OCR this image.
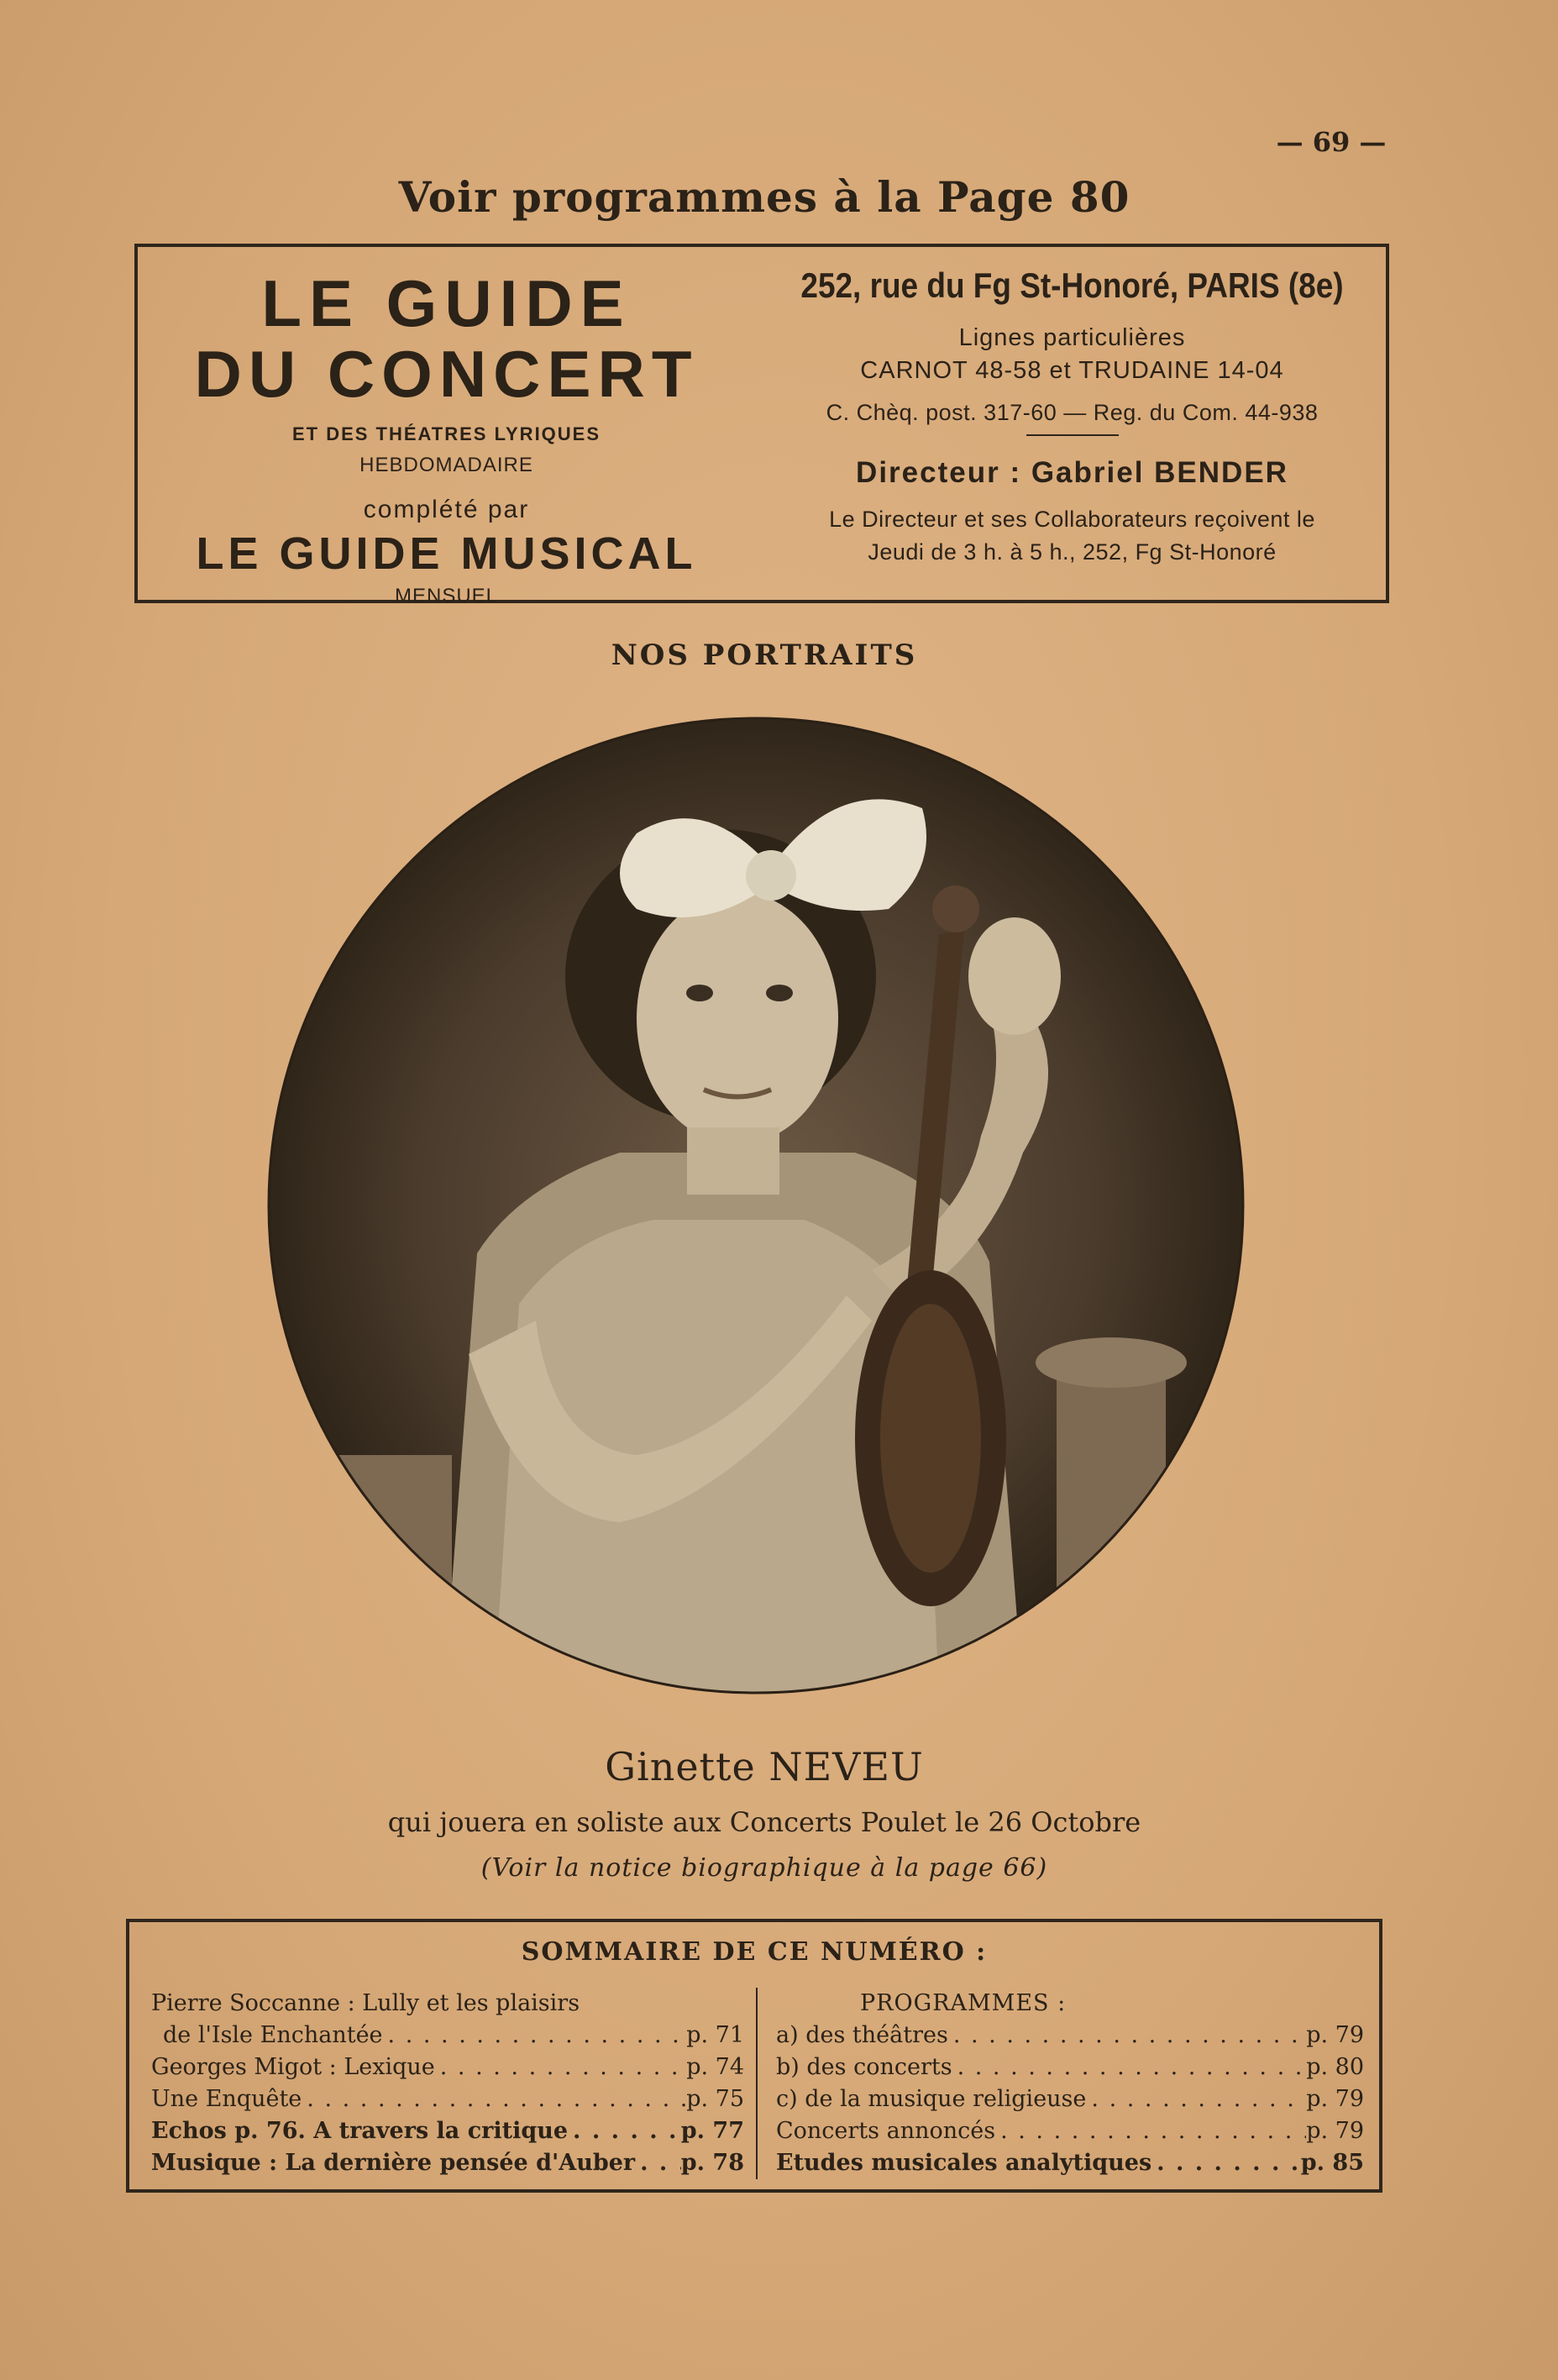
— 69 —
Voir programmes à la Page 80
LE GUIDE
DU CONCERT
ET DES THÉATRES LYRIQUES
HEBDOMADAIRE
complété par
LE GUIDE MUSICAL
MENSUEL
252, rue du Fg St-Honoré, PARIS (8e)
Lignes particulières
CARNOT 48-58 et TRUDAINE 14-04
C. Chèq. post. 317-60 — Reg. du Com. 44-938
Directeur : Gabriel BENDER
Le Directeur et ses Collaborateurs reçoivent le
Jeudi de 3 h. à 5 h., 252, Fg St-Honoré
NOS PORTRAITS
Ginette NEVEU
qui jouera en soliste aux Concerts Poulet le 26 Octobre
(Voir la notice biographique à la page 66)
SOMMAIRE DE CE NUMÉRO :
Pierre Soccanne : Lully et les plaisirs
de l'Isle Enchantée . . .	p. 71
Georges Migot : Lexique . . .	p. 74
Une Enquête . . .	p. 75
Echos p. 76. A travers la critique . . .	p. 77
Musique : La dernière pensée d'Auber . . . p. 78
PROGRAMMES :
a) des théâtres . . .	p. 79
b) des concerts . . .	p. 80
c) de la musique religieuse . . .	p. 79
Concerts annoncés . . .	p. 79
Etudes musicales analytiques . . .	p. 85
